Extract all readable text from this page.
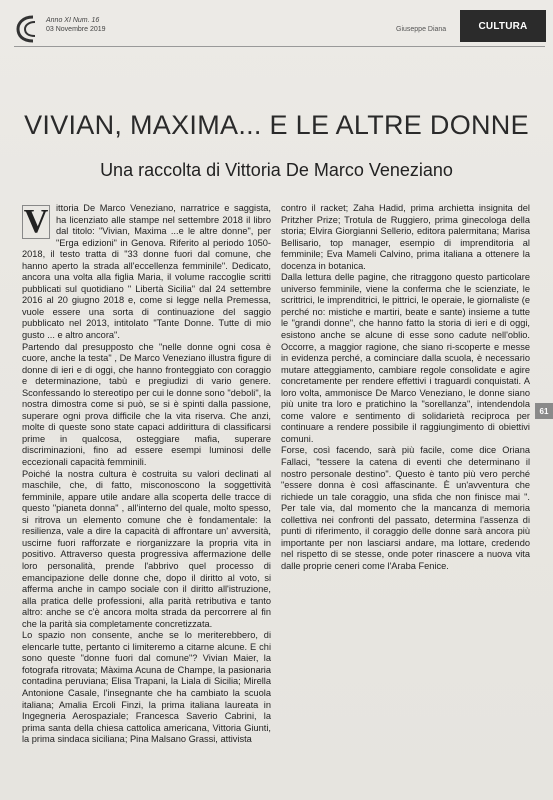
Anno XI Num. 16
03 Novembre 2019	Giuseppe Diana	CULTURA
VIVIAN, MAXIMA... E LE ALTRE DONNE
Una raccolta di Vittoria De Marco Veneziano

V ittoria De Marco Veneziano, narratrice e saggista, ha licenziato alle stampe nel settembre 2018 il libro dal titolo: "Vivian, Maxima ...e le altre donne", per "Erga edizioni" in Genova. Riferito al periodo 1050-2018, il testo tratta di "33 donne fuori dal comune, che hanno aperto la strada all'eccellenza femminile". Dedicato, ancora una volta alla figlia Maria, il volume raccoglie scritti pubblicati sul quotidiano " Libertà Sicilia" dal 24 settembre 2016 al 20 giugno 2018 e, come si legge nella Premessa, vuole essere una sorta di continuazione del saggio pubblicato nel 2013, intitolato "Tante Donne. Tutte di mio gusto ... e altro ancora".

Partendo dal presupposto che "nelle donne ogni cosa è cuore, anche la testa" , De Marco Veneziano illustra figure di donne di ieri e di oggi, che hanno fronteggiato con coraggio e determinazione, tabù e pregiudizi di vario genere. Sconfessando lo stereotipo per cui le donne sono "deboli", la nostra dimostra come si può, se si è spinti dalla passione, superare ogni prova difficile che la vita riserva. Che anzi, molte di queste sono state capaci addirittura di classificarsi prime in qualcosa, osteggiare mafia, superare discriminazioni, fino ad essere esempi luminosi delle eccezionali capacità femminili.

Poiché la nostra cultura è costruita su valori declinati al maschile, che, di fatto, misconoscono la soggettività femminile, appare utile andare alla scoperta delle tracce di questo "pianeta donna" , all'interno del quale, molto spesso, si ritrova un elemento comune che è fondamentale: la resilienza, vale a dire la capacità di affrontare un' avversità, uscirne fuori rafforzate e riorganizzare la propria vita in positivo. Attraverso questa progressiva affermazione delle loro personalità, prende l'abbrivo quel processo di emancipazione delle donne che, dopo il diritto al voto, si afferma anche in campo sociale con il diritto all'istruzione, alla pratica delle professioni, alla parità retributiva e tanto altro: anche se c'è ancora molta strada da percorrere al fin che la parità sia completamente concretizzata.

Lo spazio non consente, anche se lo meriterebbero, di elencarle tutte, pertanto ci limiteremo a citarne alcune. E chi sono queste "donne fuori dal comune"? Vivian Maier, la fotografa ritrovata; Màxima Acuna de Champe, la pasionaria contadina peruviana; Elisa Trapani, la Liala di Sicilia; Mirella Antonione Casale, l'insegnante che ha cambiato la scuola italiana; Amalia Ercoli Finzi, la prima italiana laureata in Ingegneria Aerospaziale; Francesca Saverio Cabrini, la prima santa della chiesa cattolica americana, Vittoria Giunti, la prima sindaca siciliana; Pina Malsano Grassi, attivista

contro il racket; Zaha Hadid, prima archietta insignita del Pritzher Prize; Trotula de Ruggiero, prima ginecologa della storia; Elvira Giorgianni Sellerio, editora palermitana; Marisa Bellisario, top manager, esempio di imprenditoria al femminile; Eva Mameli Calvino, prima italiana a ottenere la docenza in botanica.

Dalla lettura delle pagine, che ritraggono questo particolare universo femminile, viene la conferma che le scienziate, le scrittrici, le imprenditrici, le pittrici, le operaie, le giornaliste (e perché no: mistiche e martiri, beate e sante) insieme a tutte le "grandi donne", che hanno fatto la storia di ieri e di oggi, esistono anche se alcune di esse sono cadute nell'oblio. Occorre, a maggior ragione, che siano ri-scoperte e messe in evidenza perché, a cominciare dalla scuola, è necessario mutare atteggiamento, cambiare regole consolidate e agire concretamente per rendere effettivi i traguardi conquistati. A loro volta, ammonisce De Marco Veneziano, le donne siano più unite tra loro e pratichino la "sorellanza", intendendola come valore e sentimento di solidarietà reciproca per continuare a rendere possibile il raggiungimento di obiettivi comuni.

Forse, così facendo, sarà più facile, come dice Oriana Fallaci, "tessere la catena di eventi che determinano il nostro personale destino". Questo è tanto più vero perché "essere donna è così affascinante. È un'avventura che richiede un tale coraggio, una sfida che non finisce mai ". Per tale via, dal momento che la mancanza di memoria collettiva nei confronti del passato, determina l'assenza di punti di riferimento, il coraggio delle donne sarà ancora più importante per non lasciarsi andare, ma lottare, credendo nel rispetto di se stesse, onde poter rinascere a nuova vita dalle proprie ceneri come l'Araba Fenice.

61
